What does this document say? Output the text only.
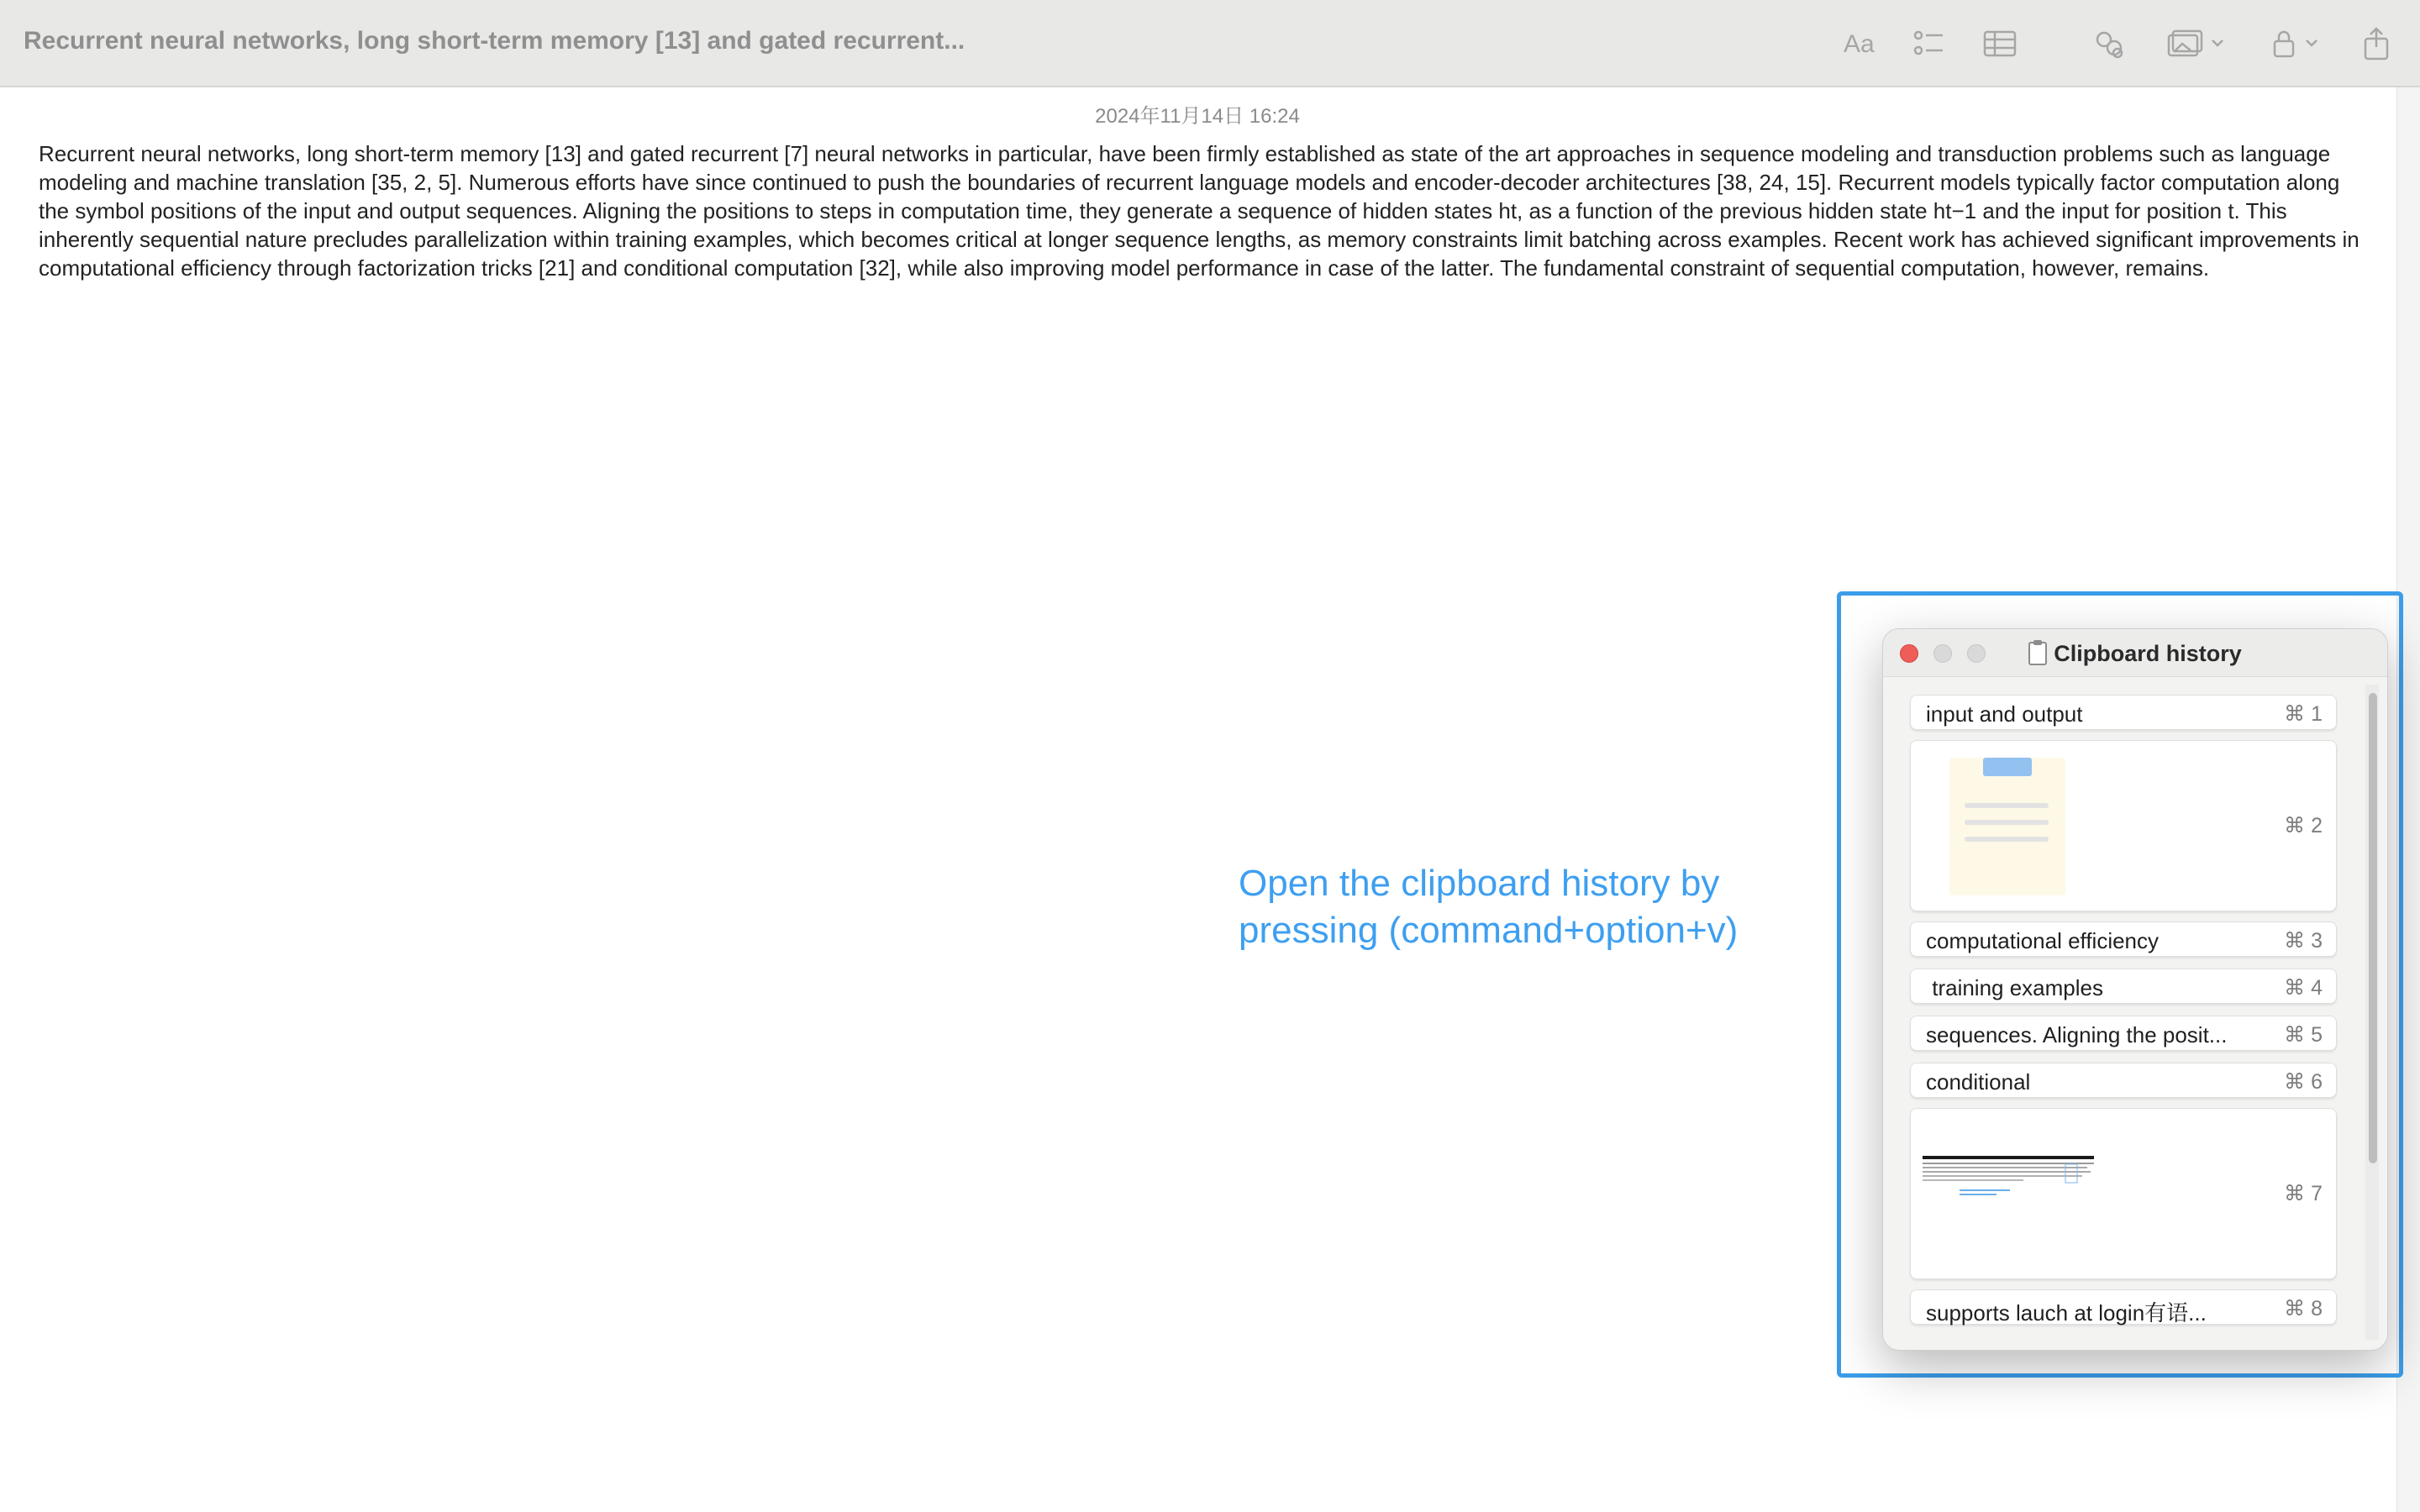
Recurrent neural networks, long short-term memory [13] and gated recurrent...	Aa
2024年11月14日 16:24
Recurrent neural networks, long short-term memory [13] and gated recurrent [7] neural networks in particular, have been firmly established as state of the art approaches in sequence modeling and transduction problems such as language modeling and machine translation [35, 2, 5]. Numerous efforts have since continued to push the boundaries of recurrent language models and encoder-decoder architectures [38, 24, 15]. Recurrent models typically factor computation along the symbol positions of the input and output sequences. Aligning the positions to steps in computation time, they generate a sequence of hidden states ht, as a function of the previous hidden state ht−1 and the input for position t. This inherently sequential nature precludes parallelization within training examples, which becomes critical at longer sequence lengths, as memory constraints limit batching across examples. Recent work has achieved significant improvements in computational efficiency through factorization tricks [21] and conditional computation [32], while also improving model performance in case of the latter. The fundamental constraint of sequential computation, however, remains.
Open the clipboard history by pressing (command+option+v)
Clipboard history
input and output	⌘ 1
⌘ 2
computational efficiency	⌘ 3
training examples	⌘ 4
sequences. Aligning the posit...	⌘ 5
conditional	⌘ 6
⌘ 7
supports lauch at login有语...	⌘ 8
